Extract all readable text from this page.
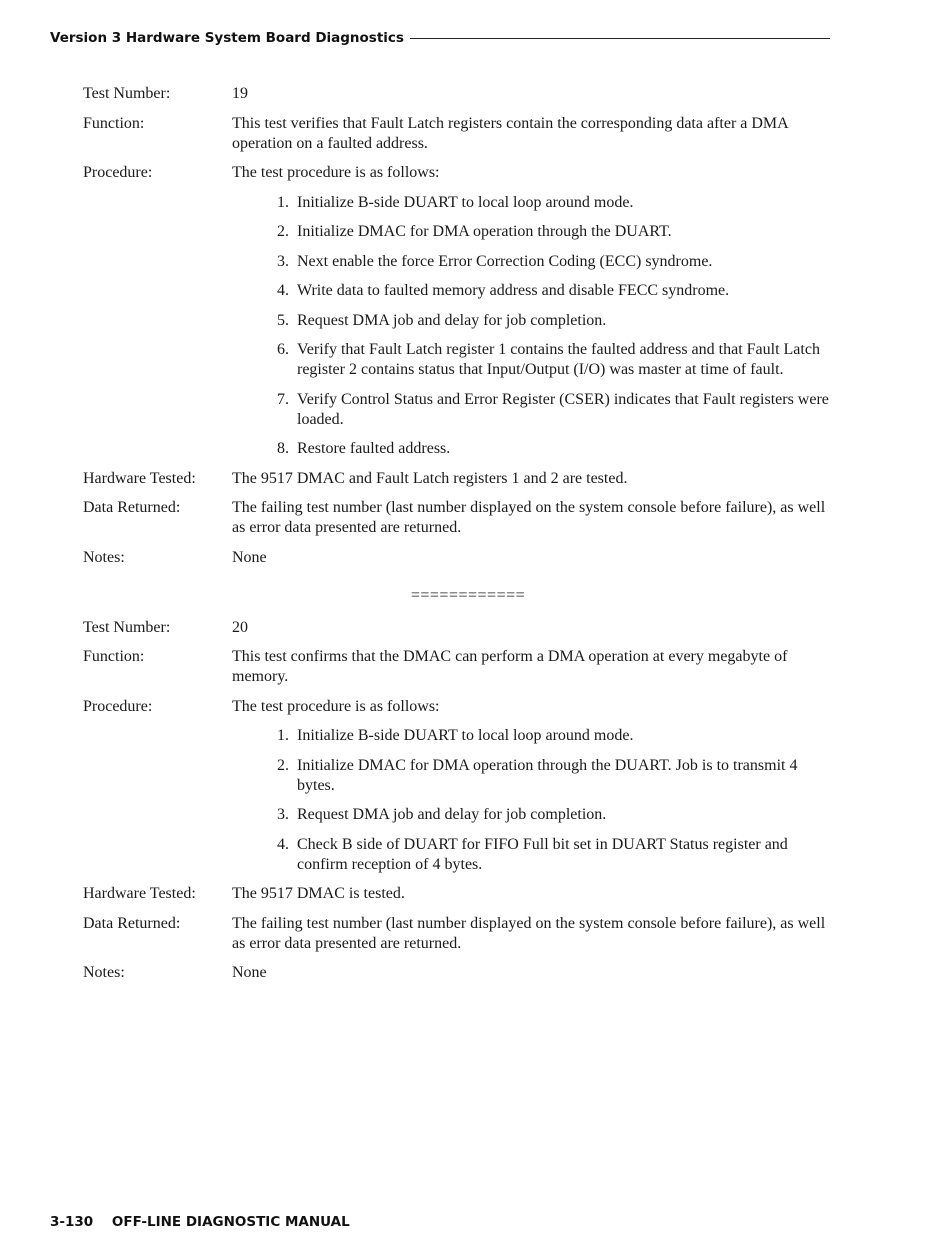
Version 3 Hardware System Board Diagnostics
Test Number:	19
Function:	This test verifies that Fault Latch registers contain the corresponding data after a DMA operation on a faulted address.
Procedure:	The test procedure is as follows:
1. Initialize B-side DUART to local loop around mode.
2. Initialize DMAC for DMA operation through the DUART.
3. Next enable the force Error Correction Coding (ECC) syndrome.
4. Write data to faulted memory address and disable FECC syndrome.
5. Request DMA job and delay for job completion.
6. Verify that Fault Latch register 1 contains the faulted address and that Fault Latch register 2 contains status that Input/Output (I/O) was master at time of fault.
7. Verify Control Status and Error Register (CSER) indicates that Fault registers were loaded.
8. Restore faulted address.
Hardware Tested:	The 9517 DMAC and Fault Latch registers 1 and 2 are tested.
Data Returned:	The failing test number (last number displayed on the system console before failure), as well as error data presented are returned.
Notes:	None
============
Test Number:	20
Function:	This test confirms that the DMAC can perform a DMA operation at every megabyte of memory.
Procedure:	The test procedure is as follows:
1. Initialize B-side DUART to local loop around mode.
2. Initialize DMAC for DMA operation through the DUART. Job is to transmit 4 bytes.
3. Request DMA job and delay for job completion.
4. Check B side of DUART for FIFO Full bit set in DUART Status register and confirm reception of 4 bytes.
Hardware Tested:	The 9517 DMAC is tested.
Data Returned:	The failing test number (last number displayed on the system console before failure), as well as error data presented are returned.
Notes:	None
3-130 OFF-LINE DIAGNOSTIC MANUAL
